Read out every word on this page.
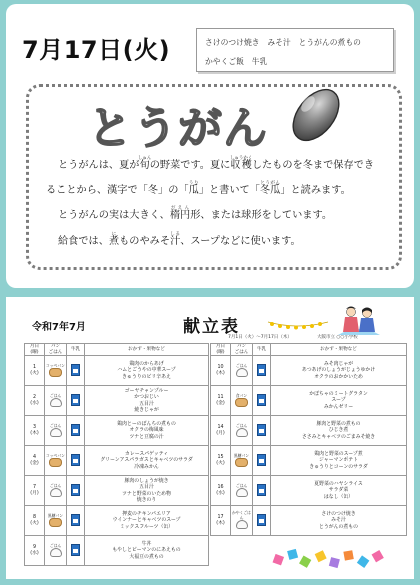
7月17日(火)	さけのつけ焼き　みそ汁　とうがんの煮もの
かやくご飯　牛乳
とうがん
とうがんは、夏が旬しゅんの野菜です。夏に収穫しゅうかくしたものを冬まで保存でき
ることから、漢字で「冬」の「瓜うり」と書いて「冬瓜とうがん」と読みます。
とうがんの実は大きく、楕円だえん形、または球形をしています。
給食では、煮にものやみそ汁しる、スープなどに使います。
令和7年7月	献立表
7月1日（火）～7月17日（木）	大阪市立 ○○小学校
月日
(曜)	パン
ごはん	牛乳	おかず・果物など
1
(火)	コッペパン		鶏肉のからあげ
ハムとごうやの中華スープ
きゅうりのピリ辛あえ
2
(水)	ごはん		ゴーヤチャンプルー
かつおじい
五目汁
焼きじゃが
3
(木)	ごはん		鶏肉とーのぼんちの煮もの
オクラの梅風味
ツナと豆腐の汁
4
(金)	コッペパン		カレースパゲッティ
グリーンアスパラガスとキャベツのサラダ
冷凍みかん
7
(月)	ごはん		豚肉のしょうが焼き
五目汁
ツナと野菜のいため物
焼きのり
8
(火)	黒糖パン		押麦のチキンパエリア
ウインナーとキャベツのスープ
ミックスフルーツ（缶）
9
(水)	ごはん		牛丼
もやしとピーマンのにあえもの
大福豆の煮もの
月日
(曜)	パン
ごはん	牛乳	おかず・果物など
10
(木)	ごはん		みそ肉じゃが
あつあげのしょうがじょうゆかけ
オクラのおかかいため
11
(金)	食パン		かぼちゃのミートグラタン
スープ
みかんゼリー
14
(月)	ごはん		豚肉と野菜の煮もの
ひじき煮
ささみとキャベツのごまみそ焼き
15
(火)	黒糖パン		鶏肉と野菜のスープ煮
ジャーマンポテト
きゅうりとコーンのサラダ
16
(水)	ごはん		夏野菜のハヤシライス
サラダ菜
はなし（缶）
17
(木)	かやくごはん		さけのつけ焼き
みそ汁
とうがんの煮もの
